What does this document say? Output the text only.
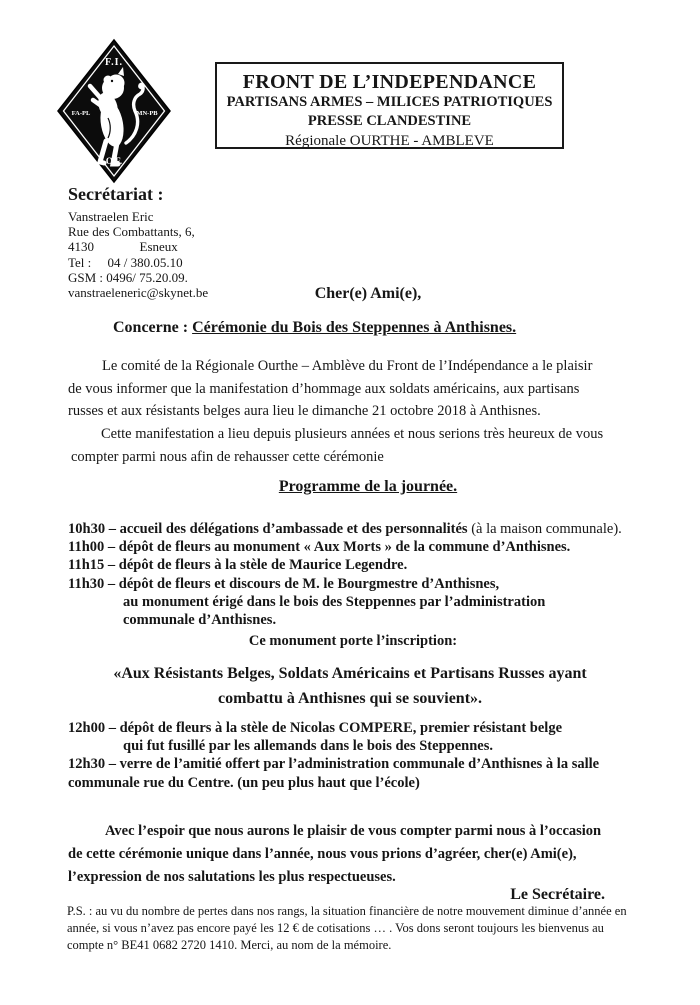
F.I.
FA-PL	MN-PB
O.F.
FRONT DE L’INDEPENDANCE
PARTISANS ARMES – MILICES PATRIOTIQUES
PRESSE CLANDESTINE
Régionale OURTHE - AMBLEVE
Secrétariat :
Vanstraelen Eric
Rue des Combattants, 6,
4130              Esneux
Tel :     04 / 380.05.10
GSM : 0496/ 75.20.09.
vanstraeleneric@skynet.be	Cher(e) Ami(e),
Concerne : Cérémonie du Bois des Steppennes à Anthisnes.
Le comité de la Régionale Ourthe – Amblève du Front de l’Indépendance a le plaisir
de vous informer que la manifestation d’hommage aux soldats américains, aux partisans
russes et aux résistants belges aura lieu le dimanche 21 octobre 2018 à Anthisnes.
Cette manifestation a lieu depuis plusieurs années et nous serions très heureux de vous
compter parmi nous afin de rehausser cette cérémonie
Programme de la journée.
10h30 – accueil des délégations d’ambassade et des personnalités (à la maison communale).
11h00 – dépôt de fleurs au monument « Aux Morts » de la commune d’Anthisnes.
11h15 – dépôt de fleurs à la stèle de Maurice Legendre.
11h30 – dépôt de fleurs et discours de M. le Bourgmestre d’Anthisnes,
au monument érigé dans le bois des Steppennes par l’administration
communale d’Anthisnes.
Ce monument porte l’inscription:
«Aux Résistants Belges, Soldats Américains et Partisans Russes ayant
combattu à Anthisnes qui se souvient».
12h00 – dépôt de fleurs à la stèle de Nicolas COMPERE, premier résistant belge
qui fut fusillé par les allemands dans le bois des Steppennes.
12h30 – verre de l’amitié offert par l’administration communale d’Anthisnes à la salle
communale rue du Centre. (un peu plus haut que l’école)
Avec l’espoir que nous aurons le plaisir de vous compter parmi nous à l’occasion
de cette cérémonie unique dans l’année, nous vous prions d’agréer, cher(e) Ami(e),
l’expression de nos salutations les plus respectueuses.
Le Secrétaire.
P.S. : au vu du nombre de pertes dans nos rangs, la situation financière de notre mouvement diminue d’année en
année, si vous n’avez pas encore payé les 12 € de cotisations … . Vos dons seront toujours les bienvenus au
compte n° BE41 0682 2720 1410. Merci, au nom de la mémoire.
